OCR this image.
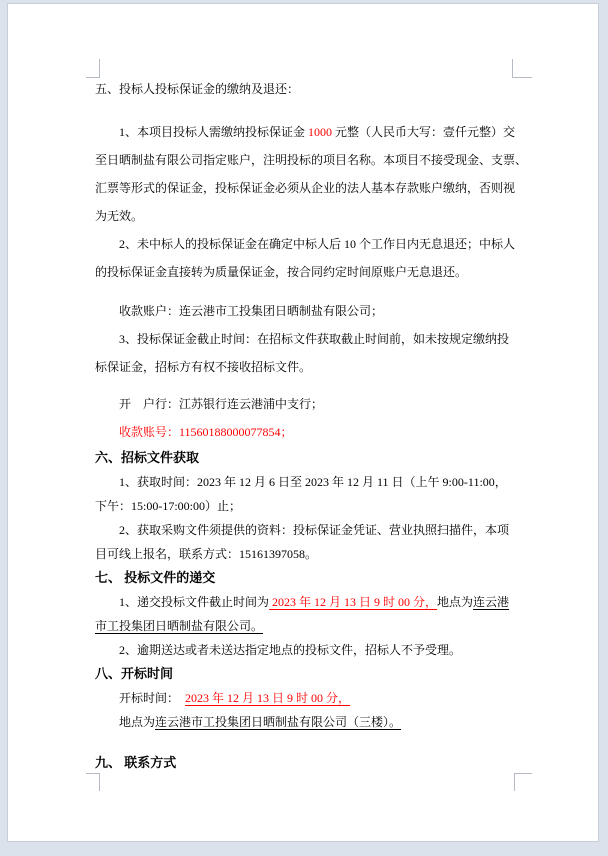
五、投标人投标保证金的缴纳及退还：
1、本项目投标人需缴纳投标保证金 1000 元整（人民币大写：壹仟元整）交
至日晒制盐有限公司指定账户，注明投标的项目名称。本项目不接受现金、支票、
汇票等形式的保证金，投标保证金必须从企业的法人基本存款账户缴纳，否则视
为无效。
2、未中标人的投标保证金在确定中标人后 10 个工作日内无息退还；中标人
的投标保证金直接转为质量保证金，按合同约定时间原账户无息退还。
收款账户：连云港市工投集团日晒制盐有限公司；
3、投标保证金截止时间：在招标文件获取截止时间前，如未按规定缴纳投
标保证金，招标方有权不接收招标文件。
开　户行：江苏银行连云港浦中支行；
收款账号：11560188000077854；
六、招标文件获取
1、获取时间：2023 年 12 月 6 日至 2023 年 12 月 11 日（上午 9:00-11:00，
下午：15:00-17:00:00）止；
2、获取采购文件须提供的资料：投标保证金凭证、营业执照扫描件，本项
目可线上报名，联系方式：15161397058。
七、 投标文件的递交
1、递交投标文件截止时间为 2023 年 12 月 13 日 9 时 00 分，地点为连云港
市工投集团日晒制盐有限公司。
2、逾期送达或者未送达指定地点的投标文件，招标人不予受理。
八、开标时间
开标时间：  2023 年 12 月 13 日 9 时 00 分，
地点为连云港市工投集团日晒制盐有限公司（三楼）。
九、 联系方式
